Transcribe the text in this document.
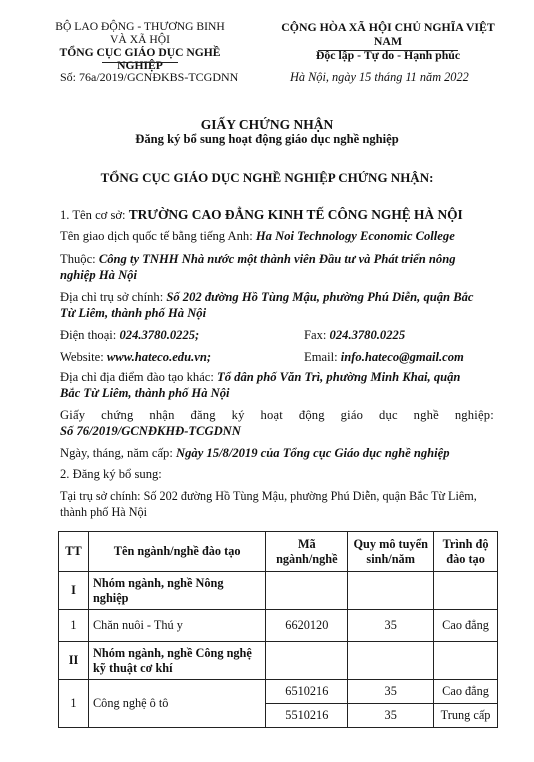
BỘ LAO ĐỘNG - THƯƠNG BINH
VÀ XÃ HỘI
TỔNG CỤC GIÁO DỤC NGHỀ NGHIỆP
Số: 76a/2019/GCNĐKBS-TCGDNN
CỘNG HÒA XÃ HỘI CHỦ NGHĨA VIỆT NAM
Độc lập - Tự do - Hạnh phúc
Hà Nội, ngày 15 tháng 11 năm 2022
GIẤY CHỨNG NHẬN
Đăng ký bổ sung hoạt động giáo dục nghề nghiệp
TỔNG CỤC GIÁO DỤC NGHỀ NGHIỆP CHỨNG NHẬN:
1. Tên cơ sở: TRƯỜNG CAO ĐẲNG KINH TẾ CÔNG NGHỆ HÀ NỘI
Tên giao dịch quốc tế bằng tiếng Anh: Ha Noi Technology Economic College
Thuộc: Công ty TNHH Nhà nước một thành viên Đầu tư và Phát triển nông
nghiệp Hà Nội
Địa chỉ trụ sở chính: Số 202 đường Hồ Tùng Mậu, phường Phú Diễn, quận Bắc
Từ Liêm, thành phố Hà Nội
Điện thoại: 024.3780.0225;	Fax: 024.3780.0225
Website: www.hateco.edu.vn;	Email: info.hateco@gmail.com
Địa chỉ địa điểm đào tạo khác: Tổ dân phố Văn Trì, phường Minh Khai, quận
Bắc Từ Liêm, thành phố Hà Nội
Giấy chứng nhận đăng ký hoạt động giáo dục nghề nghiệp:
Số 76/2019/GCNĐKHĐ-TCGDNN
Ngày, tháng, năm cấp: Ngày 15/8/2019 của Tổng cục Giáo dục nghề nghiệp
2. Đăng ký bổ sung:
Tại trụ sở chính: Số 202 đường Hồ Tùng Mậu, phường Phú Diễn, quận Bắc Từ Liêm,
thành phố Hà Nội
TT	Tên ngành/nghề đào tạo	Mã ngành/nghề	Quy mô tuyển sinh/năm	Trình độ đào tạo
I	Nhóm ngành, nghề Nông nghiệp			
1	Chăn nuôi - Thú y	6620120	35	Cao đẳng
II	Nhóm ngành, nghề Công nghệ kỹ thuật cơ khí			
1	Công nghệ ô tô	6510216	35	Cao đẳng
		5510216	35	Trung cấp
